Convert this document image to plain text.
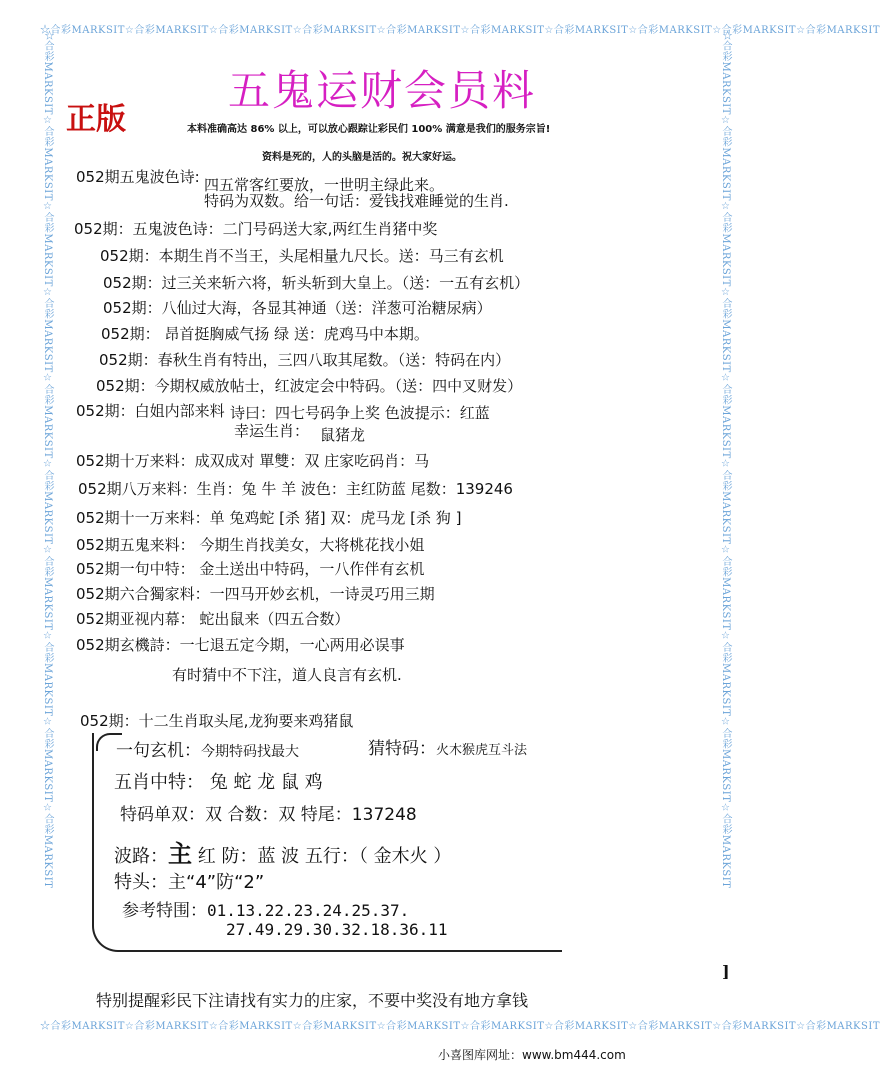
☆合彩MARKSIT☆合彩MARKSIT☆合彩MARKSIT☆合彩MARKSIT☆合彩MARKSIT☆合彩MARKSIT☆合彩MARKSIT☆合彩MARKSIT☆合彩MARKSIT☆合彩MARKSIT
☆合彩MARKSIT☆合彩MARKSIT☆合彩MARKSIT☆合彩MARKSIT☆合彩MARKSIT☆合彩MARKSIT☆合彩MARKSIT☆合彩MARKSIT☆合彩MARKSIT☆合彩MARKSIT
☆合彩MARKSIT☆合彩MARKSIT☆合彩MARKSIT☆合彩MARKSIT☆合彩MARKSIT☆合彩MARKSIT☆合彩MARKSIT☆合彩MARKSIT☆合彩MARKSIT☆合彩MARKSIT	☆合彩MARKSIT☆合彩MARKSIT☆合彩MARKSIT☆合彩MARKSIT☆合彩MARKSIT☆合彩MARKSIT☆合彩MARKSIT☆合彩MARKSIT☆合彩MARKSIT☆合彩MARKSIT
五鬼运财会员料
正版	本料准确高达 86% 以上，可以放心跟踪让彩民们 100% 满意是我们的服务宗旨!
资料是死的，人的头脑是活的。祝大家好运。
052期五鬼波色诗: 四五常客红要放，一世明主绿此来。
特码为双数。给一句话：爱钱找难睡觉的生肖.
052期：五鬼波色诗：二门号码送大家,两红生肖猪中奖
052期：本期生肖不当王，头尾相量九尺长。送：马三有玄机
052期：过三关来斩六将，斩头斩到大皇上。（送：一五有玄机）
052期：八仙过大海，各显其神通（送：洋葱可治糖尿病）
052期： 昂首挺胸威气扬 绿 送：虎鸡马中本期。
052期：春秋生肖有特出，三四八取其尾数。（送：特码在内）
052期：今期权威放帖士，红波定会中特码。（送：四中叉财发）
052期：白姐内部来料 诗曰：四七号码争上奖 色波提示：红蓝
幸运生肖： 鼠猪龙
052期十万来料：成双成对 單雙：双 庄家吃码肖：马
052期八万来料：生肖：兔 牛 羊 波色：主红防蓝 尾数：139246
052期十一万来料：单 兔鸡蛇 [杀 猪] 双：虎马龙 [杀 狗 ]
052期五鬼来料： 今期生肖找美女，大将桃花找小姐
052期一句中特： 金土送出中特码，一八作伴有玄机
052期六合獨家料：一四马开妙玄机，一诗灵巧用三期
052期亚视内幕： 蛇出鼠来（四五合数）
052期玄機詩：一七退五定今期，一心两用必误事
有时猜中不下注，道人良言有玄机.
052期：十二生肖取头尾,龙狗要来鸡猪鼠
一句玄机：今期特码找最大	猜特码：火木猴虎互斗法
五肖中特： 兔 蛇 龙 鼠 鸡
特码单双：双 合数：双 特尾：137248
波路：主 红 防：蓝 波 五行：（ 金木火 ）
特头：主“4”防“2”
参考特围：01.13.22.23.24.25.37.
27.49.29.30.32.18.36.11
]
特别提醒彩民下注请找有实力的庄家，不要中奖没有地方拿钱
小喜图库网址：www.bm444.com
